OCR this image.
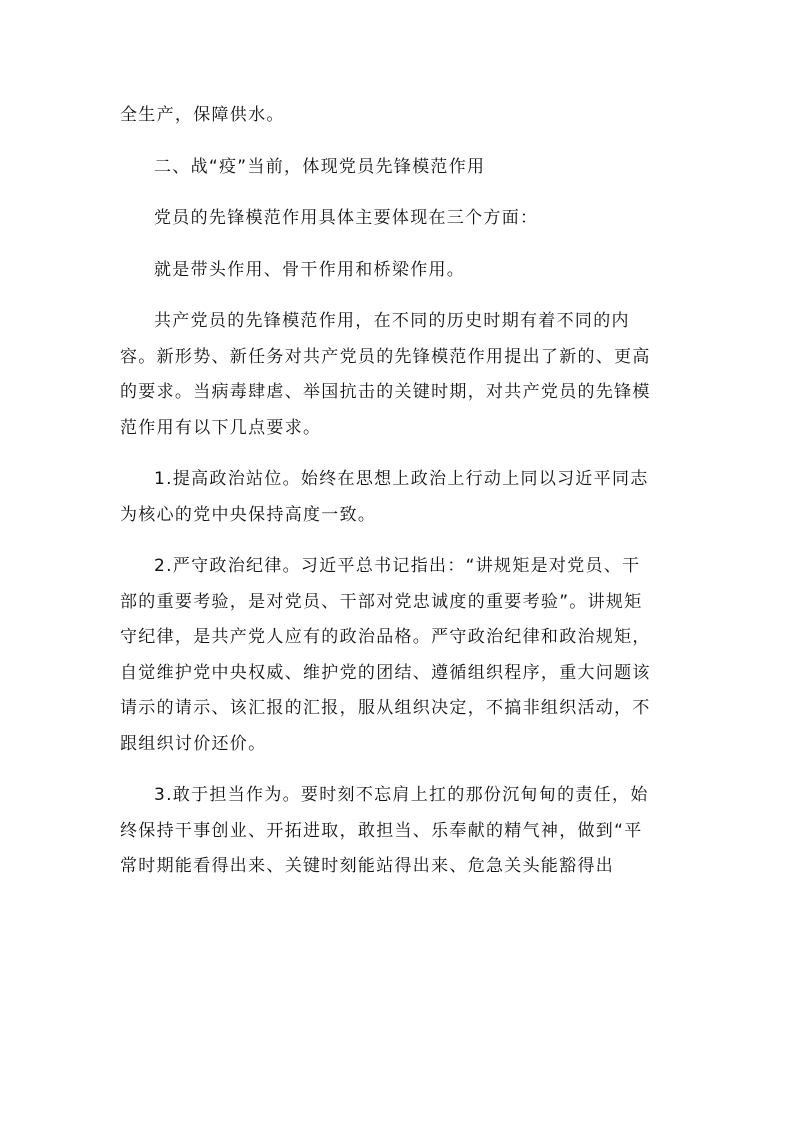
全生产，保障供水。

二、战“疫”当前，体现党员先锋模范作用

党员的先锋模范作用具体主要体现在三个方面：

就是带头作用、骨干作用和桥梁作用。

共产党员的先锋模范作用，在不同的历史时期有着不同的内

容。新形势、新任务对共产党员的先锋模范作用提出了新的、更高

的要求。当病毒肆虐、举国抗击的关键时期，对共产党员的先锋模

范作用有以下几点要求。

1.提高政治站位。始终在思想上政治上行动上同以习近平同志

为核心的党中央保持高度一致。

2.严守政治纪律。习近平总书记指出：“讲规矩是对党员、干

部的重要考验，是对党员、干部对党忠诚度的重要考验”。讲规矩

守纪律，是共产党人应有的政治品格。严守政治纪律和政治规矩，

自觉维护党中央权威、维护党的团结、遵循组织程序，重大问题该

请示的请示、该汇报的汇报，服从组织决定，不搞非组织活动，不

跟组织讨价还价。

3.敢于担当作为。要时刻不忘肩上扛的那份沉甸甸的责任，始

终保持干事创业、开拓进取，敢担当、乐奉献的精气神，做到“平

常时期能看得出来、关键时刻能站得出来、危急关头能豁得出
